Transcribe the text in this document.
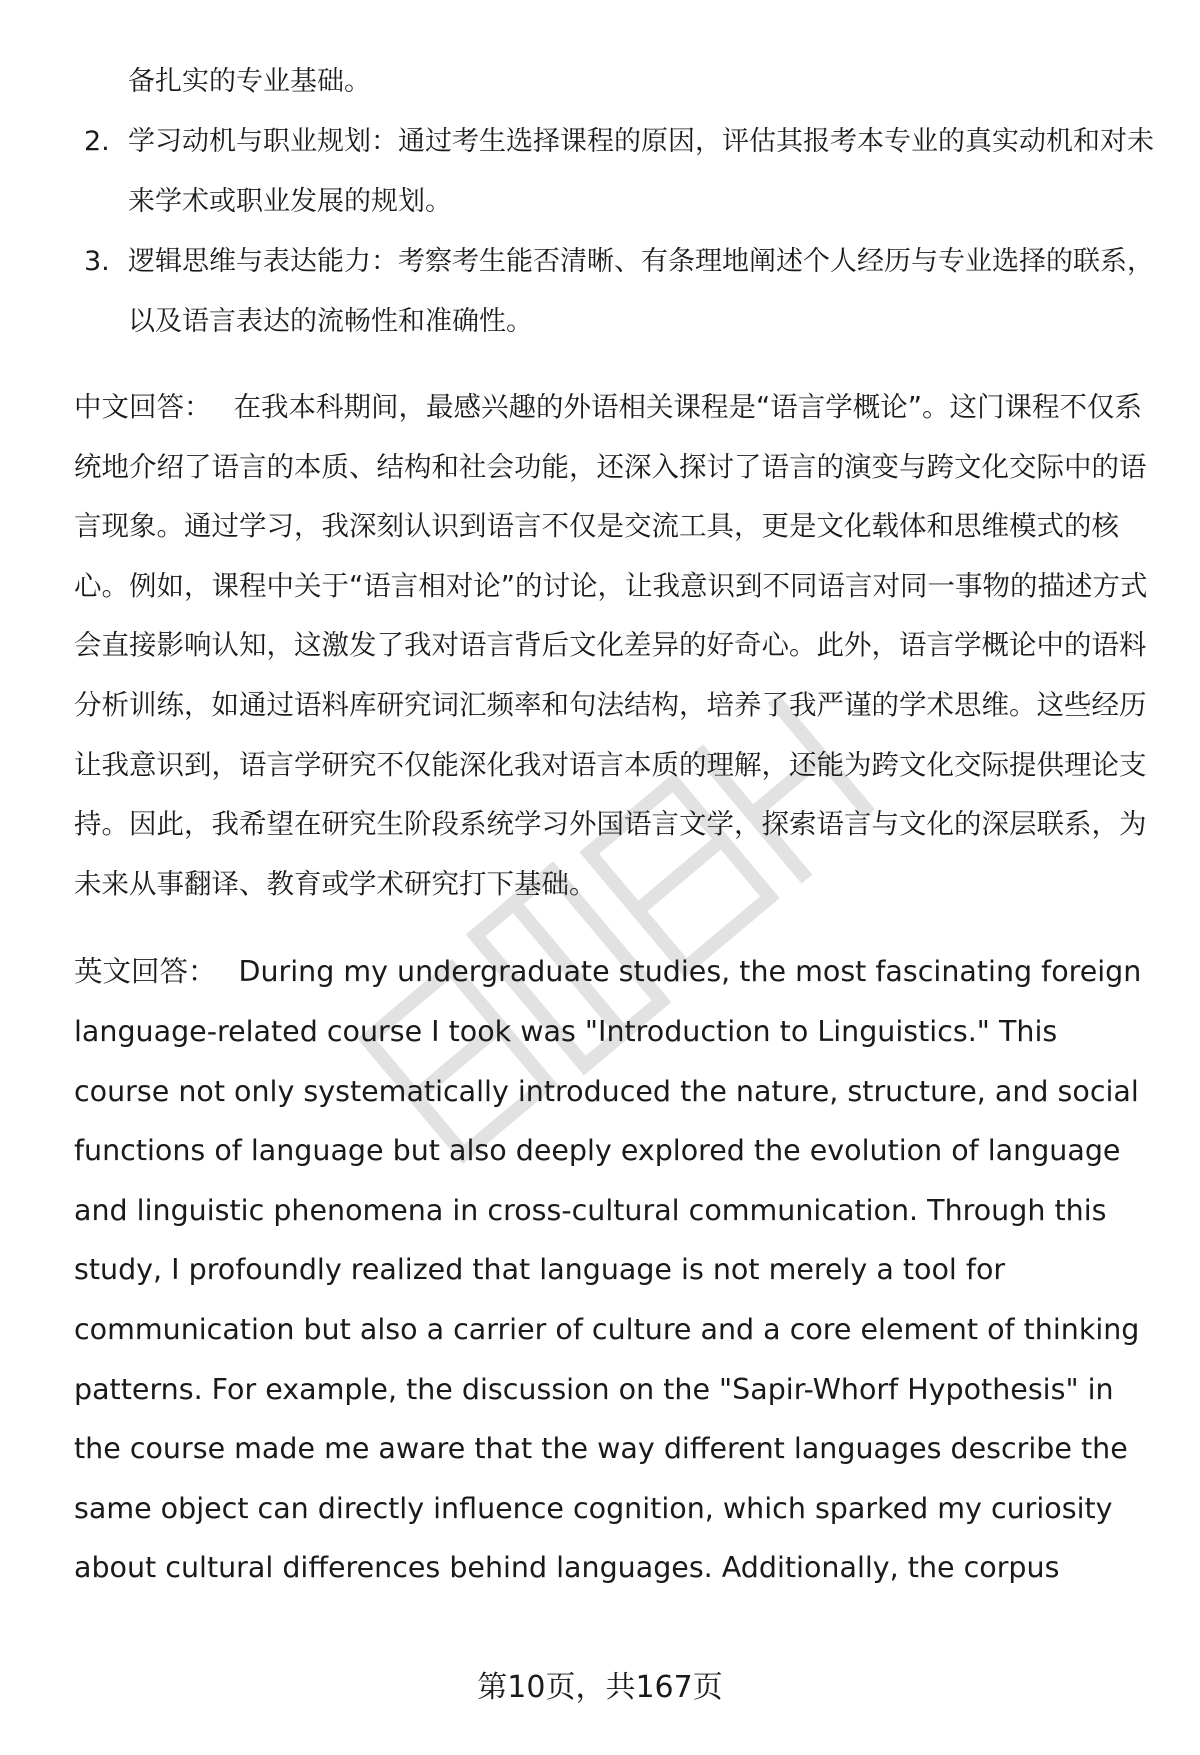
备扎实的专业基础。
2. 学习动机与职业规划：通过考生选择课程的原因，评估其报考本专业的真实动机和对未来学术或职业发展的规划。
3. 逻辑思维与表达能力：考察考生能否清晰、有条理地阐述个人经历与专业选择的联系，以及语言表达的流畅性和准确性。

中文回答： 在我本科期间，最感兴趣的外语相关课程是“语言学概论”。这门课程不仅系统地介绍了语言的本质、结构和社会功能，还深入探讨了语言的演变与跨文化交际中的语言现象。通过学习，我深刻认识到语言不仅是交流工具，更是文化载体和思维模式的核心。例如，课程中关于“语言相对论”的讨论，让我意识到不同语言对同一事物的描述方式会直接影响认知，这激发了我对语言背后文化差异的好奇心。此外，语言学概论中的语料分析训练，如通过语料库研究词汇频率和句法结构，培养了我严谨的学术思维。这些经历让我意识到，语言学研究不仅能深化我对语言本质的理解，还能为跨文化交际提供理论支持。因此，我希望在研究生阶段系统学习外国语言文学，探索语言与文化的深层联系，为未来从事翻译、教育或学术研究打下基础。

英文回答： During my undergraduate studies, the most fascinating foreign language-related course I took was "Introduction to Linguistics." This course not only systematically introduced the nature, structure, and social functions of language but also deeply explored the evolution of language and linguistic phenomena in cross-cultural communication. Through this study, I profoundly realized that language is not merely a tool for communication but also a carrier of culture and a core element of thinking patterns. For example, the discussion on the "Sapir-Whorf Hypothesis" in the course made me aware that the way different languages describe the same object can directly influence cognition, which sparked my curiosity about cultural differences behind languages. Additionally, the corpus

第10页，共167页
